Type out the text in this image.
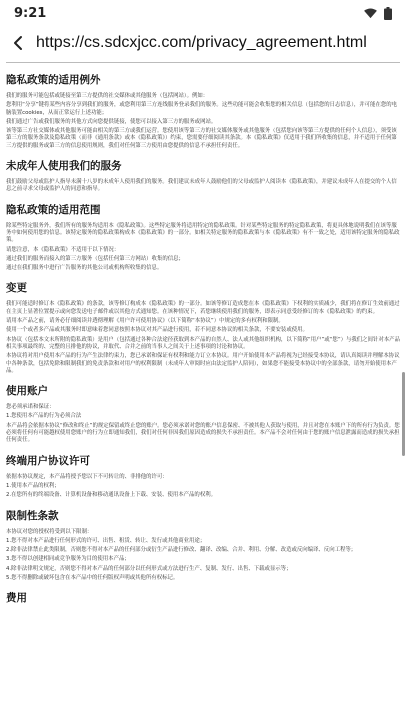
9:21
https://cs.sdcxjcc.com/privacy_agreement.html
隐私政策的适用例外

我们的服务可能包括或链接至第三方提供的社交媒体或其他服务（包括网站）。例如：

您利用“分享”键将某些内容分享到我们的服务，或您利用第三方连线服务登录我们的服务。这些功能可能会收集您的相关信息（包括您的日志信息），并可能在您的电脑装置cookies，从而正常运行上述功能；

我们通过广告或我们服务的其他方式向您提供链接，使您可以接入第三方的服务或网站。

该等第三方社交媒体或其他服务可能由相关的第三方或我们运营。您使用该等第三方的社交媒体服务或其他服务（包括您向该等第三方提供的任何个人信息），须受该第三方的服务条款及隐私政策（而非《通用条款》或本《隐私政策》）约束，您需要仔细阅读其条款。本《隐私政策》仅适用于我们所收集的信息，并不适用于任何第三方提供的服务或第三方的信息使用规则，我们对任何第三方使用由您提供的信息不承担任何责任。

未成年人使用我们的服务

我们鼓励父母或监护人指导未满十八岁的未成年人使用我们的服务。我们建议未成年人鼓励他们的父母或监护人阅读本《隐私政策》，并建议未成年人在提交的个人信息之前寻求父母或监护人的同意和指导。

隐私政策的适用范围

除某些特定服务外，我们所有的服务均适用本《隐私政策》。这些特定服务将适用特定的隐私政策。针对某些特定服务的特定隐私政策，将更具体地说明我们在该等服务中如何使用您的信息。该特定服务的隐私政策构成本《隐私政策》的一部分。如相关特定服务的隐私政策与本《隐私政策》有不一致之处，适用该特定服务的隐私政策。

请您注意，本《隐私政策》不适用于以下情况：

通过我们的服务而接入的第三方服务（包括任何第三方网站）收集的信息；

通过在我们服务中进行广告服务的其他公司或机构所收集的信息。

变更

我们可能适时修订本《隐私政策》的条款，该等修订构成本《隐私政策》的一部分。如该等修订造成您在本《隐私政策》下权利的实质减少，我们将在修订生效前通过在主页上显著位置提示或向您发送电子邮件或以其他方式通知您。在该种情况下，若您继续使用我们的服务，即表示同意受经修订的本《隐私政策》的约束。

请用本产品之前，请务必仔细阅读并透彻理解《用户许可使用协议》（以下简称“本协议”）中规定的多有权利和限制。

使用一个或者多产品或其服务时即意味着您同意按照本协议对其产品进行使用，若不同意本协议的相关条款，不要安装或使用。

本协议（包括本文末所附的隐私政策）是用户（包括通过各种合法途径获取到本产品的自然人、法人或其他组织机构，以下简称“用户”或“您”）与我们之间针对本产品相关事项最终的、完整的且排他的协议，并取代、合并之前的当事人之间关于上述事项的讨论和协议。

本协议将对用户使用本产品的行为产生法律约束力，您已承诺和保证有权利和能力订立本协议。用户开始使用本产品将视为已经接受本协议，请认真阅读并理解本协议中各种条款，包括免除和限制我们的免责条款和对用户的权利限制（未成年人审阅时应由法定监护人陪同），如果您不能接受本协议中的全部条款，请勿开始使用本产品。

使用账户

您必须承诺和保证：

1.您使用本产品的行为必须合法

本产品将会依据本协议“修改和终止”的规定保留或终止您的账户。您必须承诺对您的账户信息保密、不被其他人获取与使用，并且对您在本账户下的所有行为负责。您必须将任何有可能越权使用您账户的行为立即通知我们，我们对任何非因我们原因造成的损失不承担责任。本产品不会对任何由于您的账户信息泄露而造成的损失承担任何责任。

终端用户协议许可

依据本协议规定，本产品将授予您以下不可转让的、非排他的许可：

1.使用本产品的权利；

2.在您所有的终端设备、计算机设备和移动通讯设备上下载、安装、使用本产品的权利。

限制性条款

本协议对您的授权将受到以下限制：

1.您不得对本产品进行任何形式的许可、出售、租赁、转让、发行或其他商业用途；

2.除非法律禁止此类限制，否则您不得对本产品的任何部分或衍生产品进行修改、翻译、改编、合并、利用、分解、改造或反向编译、反向工程等；

3.您不得以创建相同或竞争服务为目的使用本产品；

4.除非法律明文规定，否则您不得对本产品的任何部分以任何形式或方法进行生产、复制、发行、出售、下载或显示等；

5.您不得删除或破坏包含在本产品中的任何版权声明或其他所有权标记。

费用
